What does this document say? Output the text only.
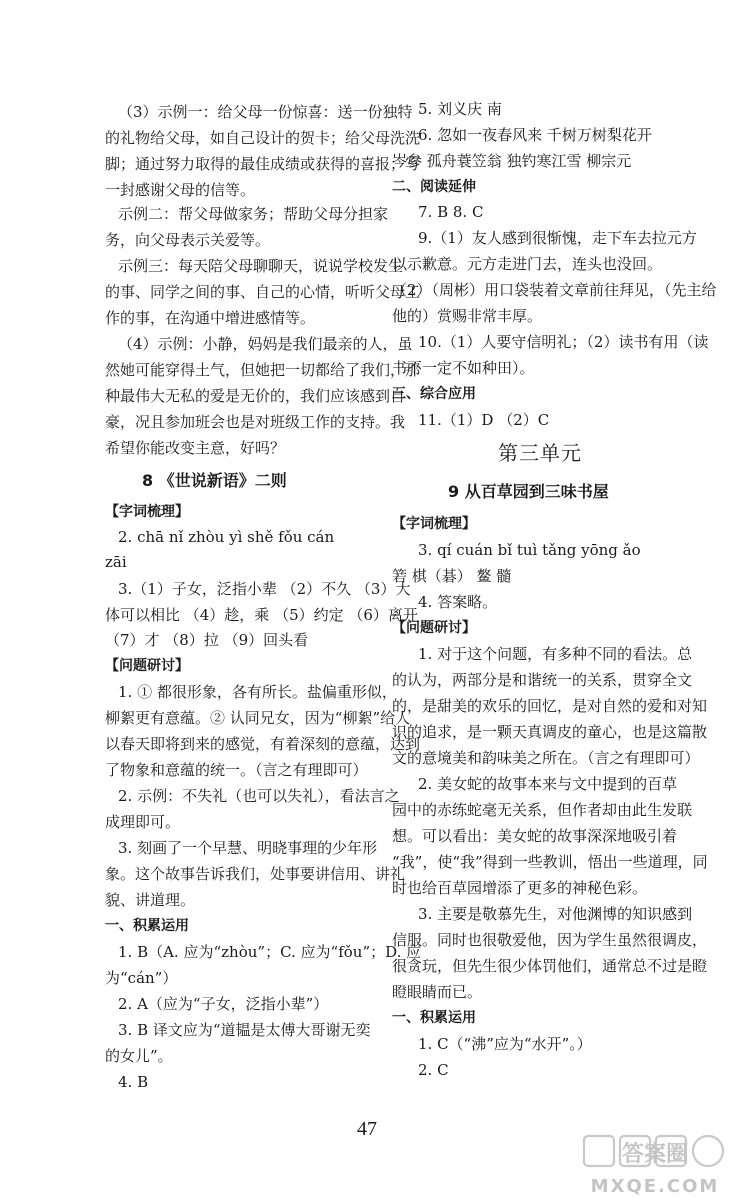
（3）示例一：给父母一份惊喜：送一份独特
的礼物给父母，如自己设计的贺卡；给父母洗洗
脚；通过努力取得的最佳成绩或获得的喜报；写
一封感谢父母的信等。
示例二：帮父母做家务；帮助父母分担家
务，向父母表示关爱等。
示例三：每天陪父母聊聊天，说说学校发生
的事、同学之间的事、自己的心情，听听父母工
作的事，在沟通中增进感情等。
（4）示例：小静，妈妈是我们最亲的人，虽
然她可能穿得土气，但她把一切都给了我们，那
种最伟大无私的爱是无价的，我们应该感到自
豪，况且参加班会也是对班级工作的支持。我
希望你能改变主意，好吗？
8 《世说新语》二则
【字词梳理】
2. chā nǐ zhòu yì shě fǒu cán
zāi
3.（1）子女，泛指小辈 （2）不久 （3）大
体可以相比 （4）趁，乘 （5）约定 （6）离开
（7）才 （8）拉 （9）回头看
【问题研讨】
1. ① 都很形象，各有所长。盐偏重形似，
柳絮更有意蕴。② 认同兄女，因为“柳絮”给人
以春天即将到来的感觉，有着深刻的意蕴，达到
了物象和意蕴的统一。（言之有理即可）
2. 示例：不失礼（也可以失礼），看法言之
成理即可。
3. 刻画了一个早慧、明晓事理的少年形
象。这个故事告诉我们，处事要讲信用、讲礼
貌、讲道理。
一、积累运用
1. B（A. 应为“zhòu”；C. 应为“fǒu”；D. 应
为“cán”）
2. A（应为“子女，泛指小辈”）
3. B 译文应为“道韫是太傅大哥谢无奕
的女儿”。
4. B
5. 刘义庆 南
6. 忽如一夜春风来 千树万树梨花开
岑参 孤舟蓑笠翁 独钓寒江雪 柳宗元
二、阅读延伸
7. B 8. C
9.（1）友人感到很惭愧，走下车去拉元方
以示歉意。元方走进门去，连头也没回。
（2）（周彬）用口袋装着文章前往拜见，（先主给
他的）赏赐非常丰厚。
10.（1）人要守信明礼；（2）读书有用（读
书不一定不如种田）。
三、综合应用
11.（1）D （2）C
第三单元
9 从百草园到三味书屋
【字词梳理】
3. qí cuán bǐ tuì tǎng yōng ǎo
箬 棋（碁） 鳌 髓
4. 答案略。
【问题研讨】
1. 对于这个问题，有多种不同的看法。总
的认为，两部分是和谐统一的关系，贯穿全文
的，是甜美的欢乐的回忆，是对自然的爱和对知
识的追求，是一颗天真调皮的童心，也是这篇散
文的意境美和韵味美之所在。（言之有理即可）
2. 美女蛇的故事本来与文中提到的百草
园中的赤练蛇毫无关系，但作者却由此生发联
想。可以看出：美女蛇的故事深深地吸引着
“我”，使“我”得到一些教训，悟出一些道理，同
时也给百草园增添了更多的神秘色彩。
3. 主要是敬慕先生，对他渊博的知识感到
信服。同时也很敬爱他，因为学生虽然很调皮，
很贪玩，但先生很少体罚他们，通常总不过是瞪
瞪眼睛而已。
一、积累运用
1. C（“沸”应为“水开”。）
2. C
47
答案圈
MXQE.COM
